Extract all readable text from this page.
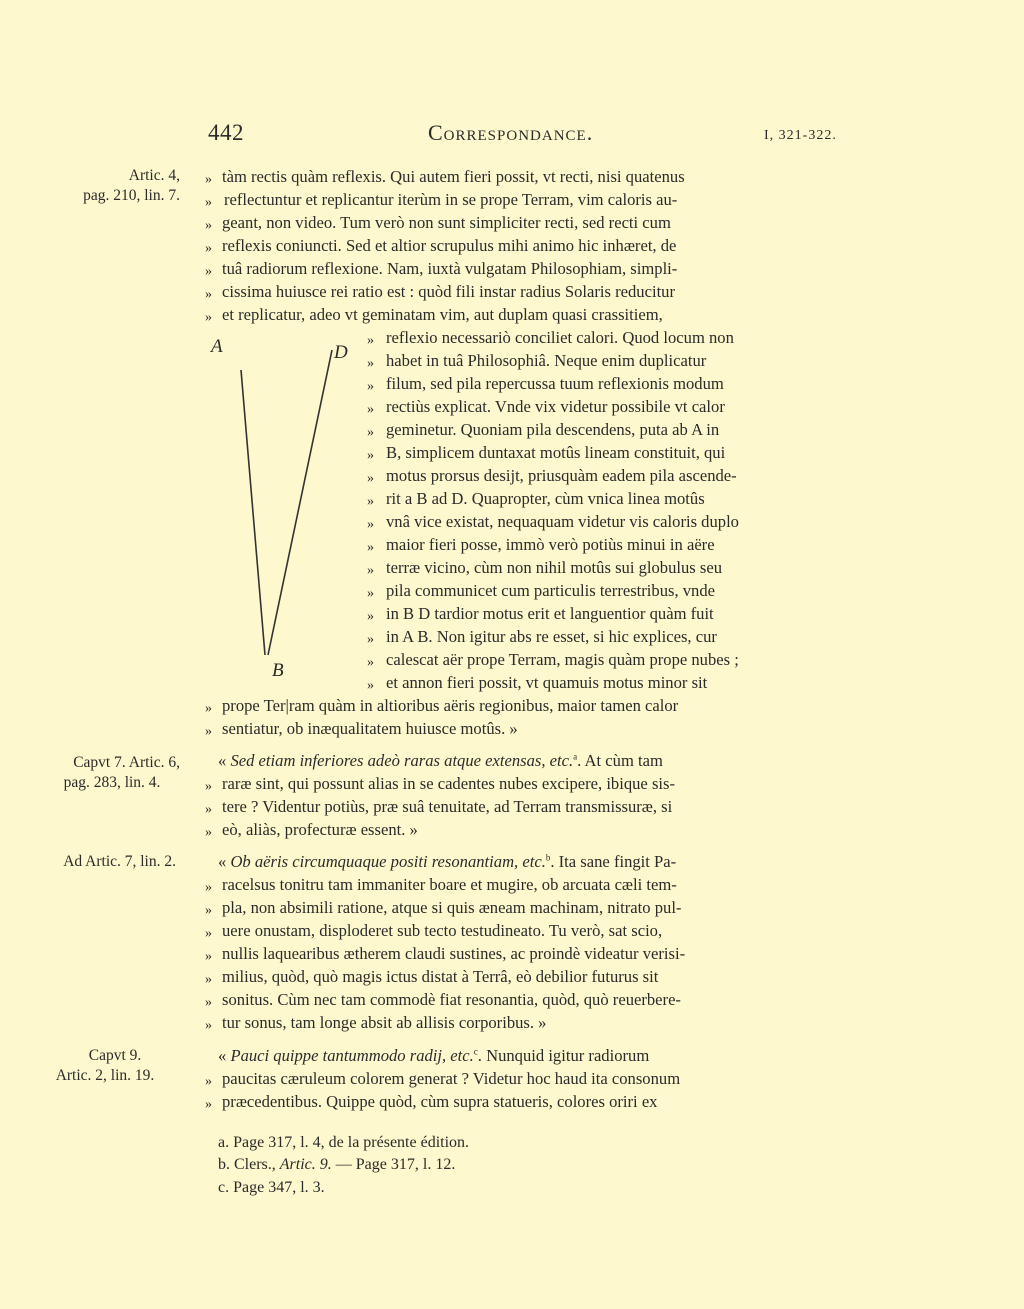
442	Correspondance.	I, 321-322.
Artic. 4,
pag. 210, lin. 7.
Capvt 7. Artic. 6,
pag. 283, lin. 4.
Ad Artic. 7, lin. 2.
Capvt 9.
Artic. 2, lin. 19.
A	D
B
» tàm rectis quàm reflexis. Qui autem fieri possit, vt recti, nisi quatenus
» reflectuntur et replicantur iterùm in se prope Terram, vim caloris au-
» geant, non video. Tum verò non sunt simpliciter recti, sed recti cum
» reflexis coniuncti. Sed et altior scrupulus mihi animo hic inhæret, de
» tuâ radiorum reflexione. Nam, iuxtà vulgatam Philosophiam, simpli-
» cissima huiusce rei ratio est : quòd fili instar radius Solaris reducitur
» et replicatur, adeo vt geminatam vim, aut duplam quasi crassitiem,
» reflexio necessariò conciliet calori. Quod locum non
» habet in tuâ Philosophiâ. Neque enim duplicatur
» filum, sed pila repercussa tuum reflexionis modum
» rectiùs explicat. Vnde vix videtur possibile vt calor
» geminetur. Quoniam pila descendens, puta ab A in
» B, simplicem duntaxat motûs lineam constituit, qui
» motus prorsus desijt, priusquàm eadem pila ascende-
» rit a B ad D. Quapropter, cùm vnica linea motûs
» vnâ vice existat, nequaquam videtur vis caloris duplo
» maior fieri posse, immò verò potiùs minui in aëre
» terræ vicino, cùm non nihil motûs sui globulus seu
» pila communicet cum particulis terrestribus, vnde
» in B D tardior motus erit et languentior quàm fuit
» in A B. Non igitur abs re esset, si hic explices, cur
» calescat aër prope Terram, magis quàm prope nubes ;
» et annon fieri possit, vt quamuis motus minor sit
» prope Ter|ram quàm in altioribus aëris regionibus, maior tamen calor
» sentiatur, ob inæqualitatem huiusce motûs. »
« Sed etiam inferiores adeò raras atque extensas, etc.$^a$. At cùm tam
» raræ sint, qui possunt alias in se cadentes nubes excipere, ibique sis-
» tere ? Videntur potiùs, præ suâ tenuitate, ad Terram transmissuræ, si
» eò, aliàs, profecturæ essent. »
« Ob aëris circumquaque positi resonantiam, etc.$^b$. Ita sane fingit Pa-
» racelsus tonitru tam immaniter boare et mugire, ob arcuata cæli tem-
» pla, non absimili ratione, atque si quis æneam machinam, nitrato pul-
» uere onustam, disploderet sub tecto testudineato. Tu verò, sat scio,
» nullis laquearibus ætherem claudi sustines, ac proindè videatur verisi-
» milius, quòd, quò magis ictus distat à Terrâ, eò debilior futurus sit
» sonitus. Cùm nec tam commodè fiat resonantia, quòd, quò reuerbere-
» tur sonus, tam longe absit ab allisis corporibus. »
« Pauci quippe tantummodo radij, etc.$^c$. Nunquid igitur radiorum
» paucitas cæruleum colorem generat ? Videtur hoc haud ita consonum
» præcedentibus. Quippe quòd, cùm supra statueris, colores oriri ex
a. Page 317, l. 4, de la présente édition.
b. Clers., Artic. 9. — Page 317, l. 12.
c. Page 347, l. 3.
